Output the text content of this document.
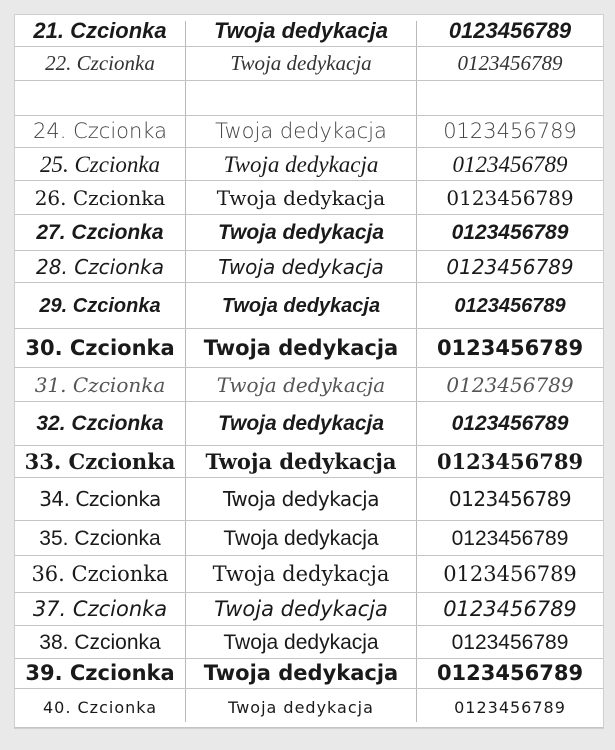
21.
Czcionka	Twoja dedykacja	0123456789
22.
Czcionka	Twoja dedykacja	0123456789
24.
Czcionka	Twoja dedykacja	0123456789
25.
Czcionka	Twoja dedykacja	0123456789
26.
Czcionka	Twoja dedykacja	0123456789
27.
Czcionka	Twoja dedykacja	0123456789
28.
Czcionka	Twoja dedykacja	0123456789
29.
Czcionka	Twoja dedykacja	0123456789
30.
Czcionka	Twoja dedykacja	0123456789
31.
Czcionka	Twoja dedykacja	0123456789
32.
Czcionka	Twoja dedykacja	0123456789
33.
Czcionka	Twoja dedykacja	0123456789
34.
Czcionka	Twoja dedykacja	0123456789
35.
Czcionka	Twoja dedykacja	0123456789
36.
Czcionka	Twoja dedykacja	0123456789
37.
Czcionka	Twoja dedykacja	0123456789
38.
Czcionka	Twoja dedykacja	0123456789
39.
Czcionka	Twoja dedykacja	0123456789
40.
Czcionka	Twoja dedykacja	0123456789
